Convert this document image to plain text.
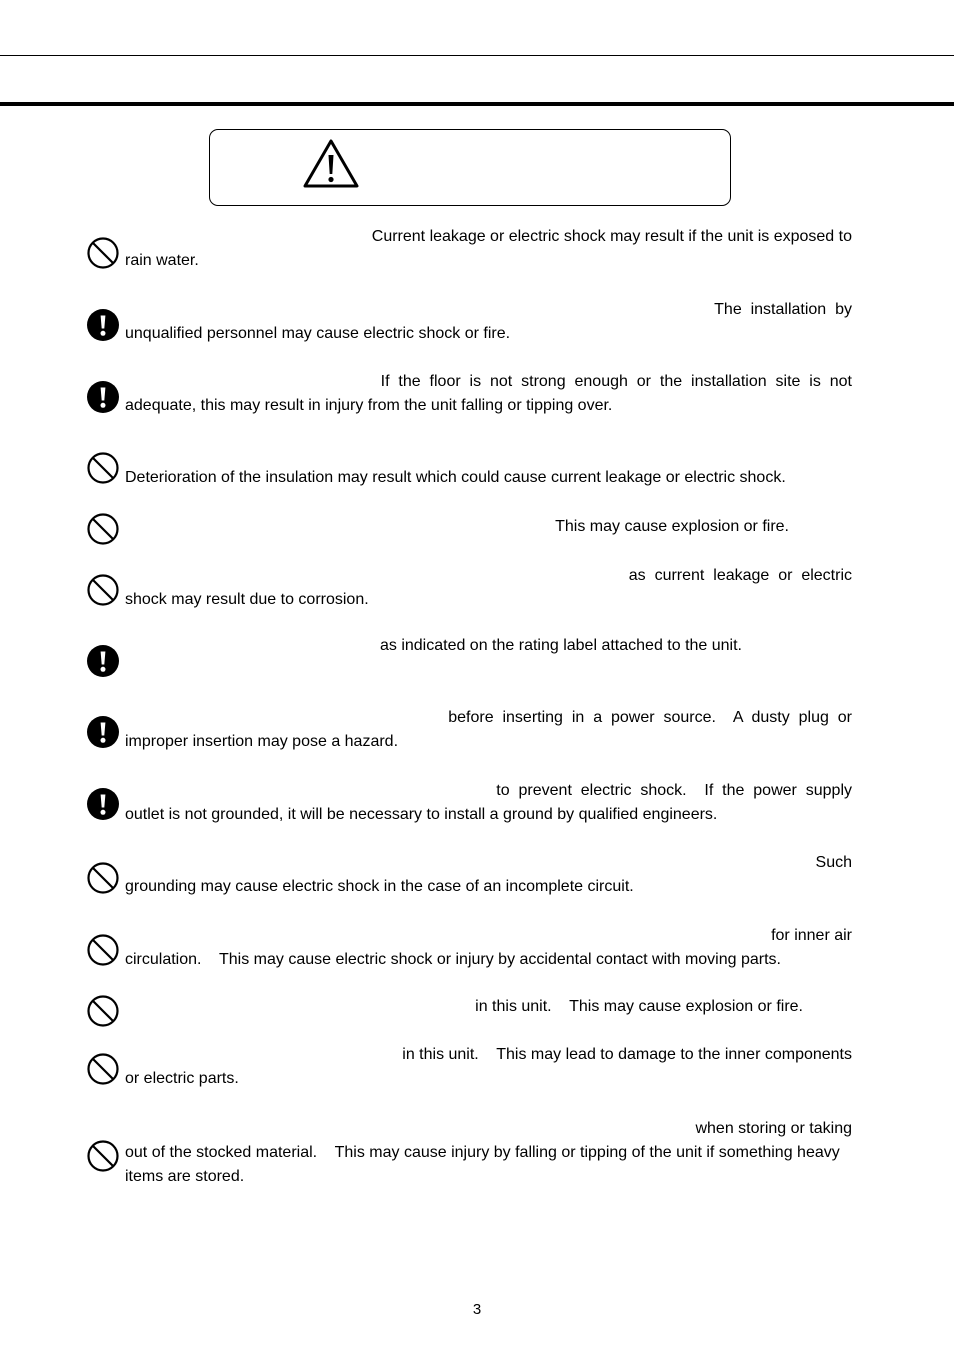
Current leakage or electric shock may result if the unit is exposed to
rain water.
The  installation  by
unqualified personnel may cause electric shock or fire.
If  the  floor  is  not  strong  enough  or  the  installation  site  is  not
adequate, this may result in injury from the unit falling or tipping over.
Deterioration of the insulation may result which could cause current leakage or electric shock.
This may cause explosion or fire.
as  current  leakage  or  electric
shock may result due to corrosion.
as indicated on the rating label attached to the unit.
before  inserting  in  a  power  source.    A  dusty  plug  or
improper insertion may pose a hazard.
to  prevent  electric  shock.    If  the  power  supply
outlet is not grounded, it will be necessary to install a ground by qualified engineers.
Such
grounding may cause electric shock in the case of an incomplete circuit.
for inner air
circulation.    This may cause electric shock or injury by accidental contact with moving parts.
in this unit.    This may cause explosion or fire.
in this unit.    This may lead to damage to the inner components
or electric parts.
when storing or taking
out of the stocked material.    This may cause injury by falling or tipping of the unit if something heavy
items are stored.
3
